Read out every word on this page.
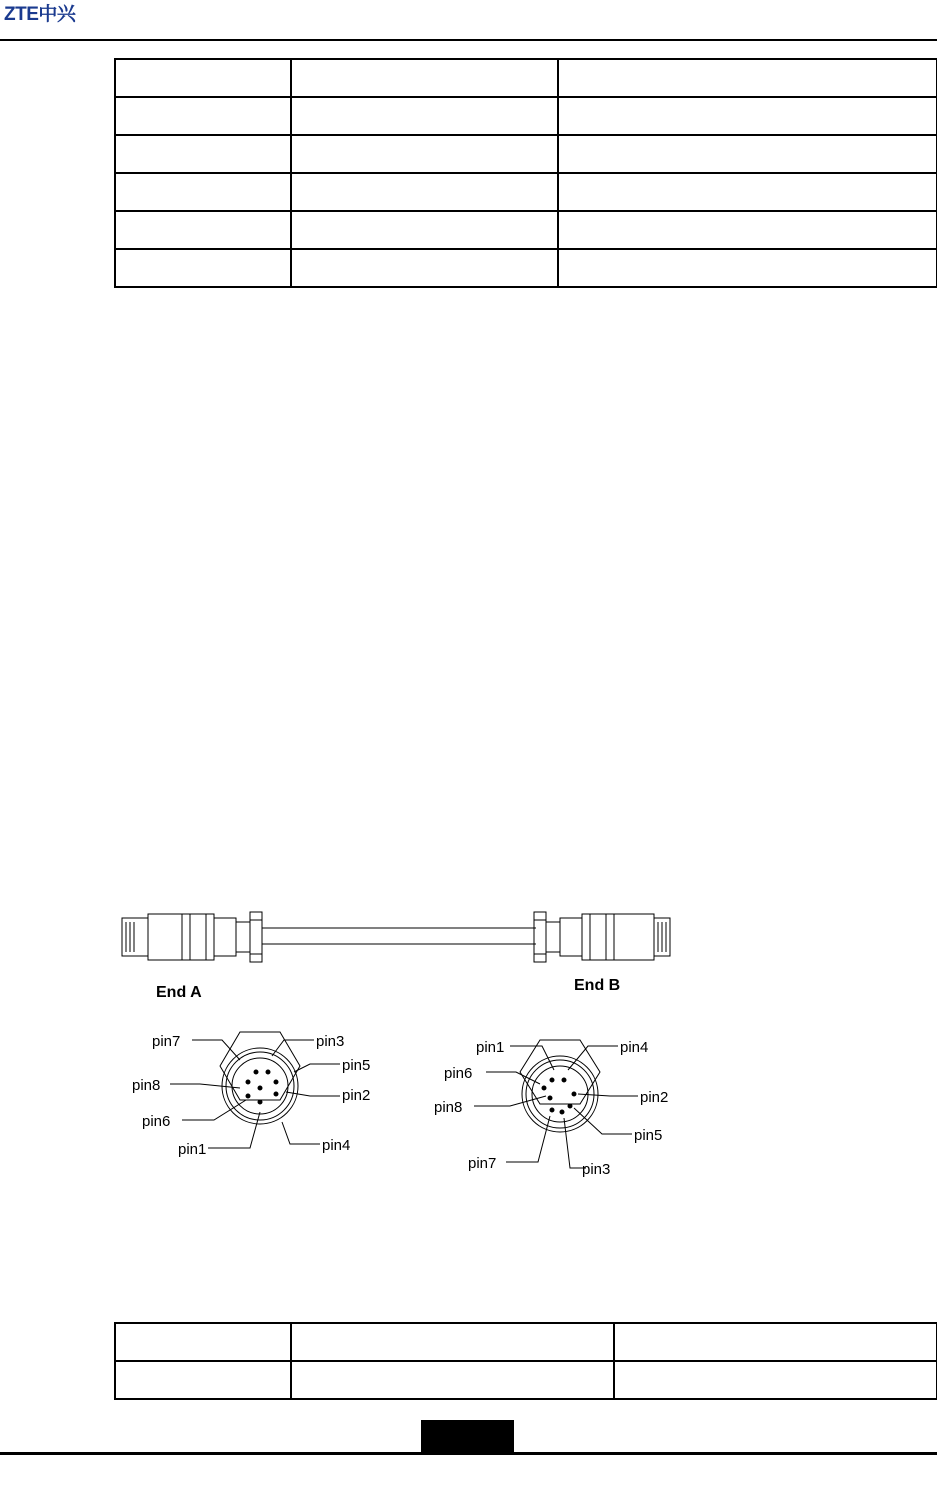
ZTE中兴

End A	End B
pin7	pin3
pin5
pin8
pin2
pin6
pin1	pin4
pin1	pin4
pin6
pin2
pin8
pin5
pin7	pin3
